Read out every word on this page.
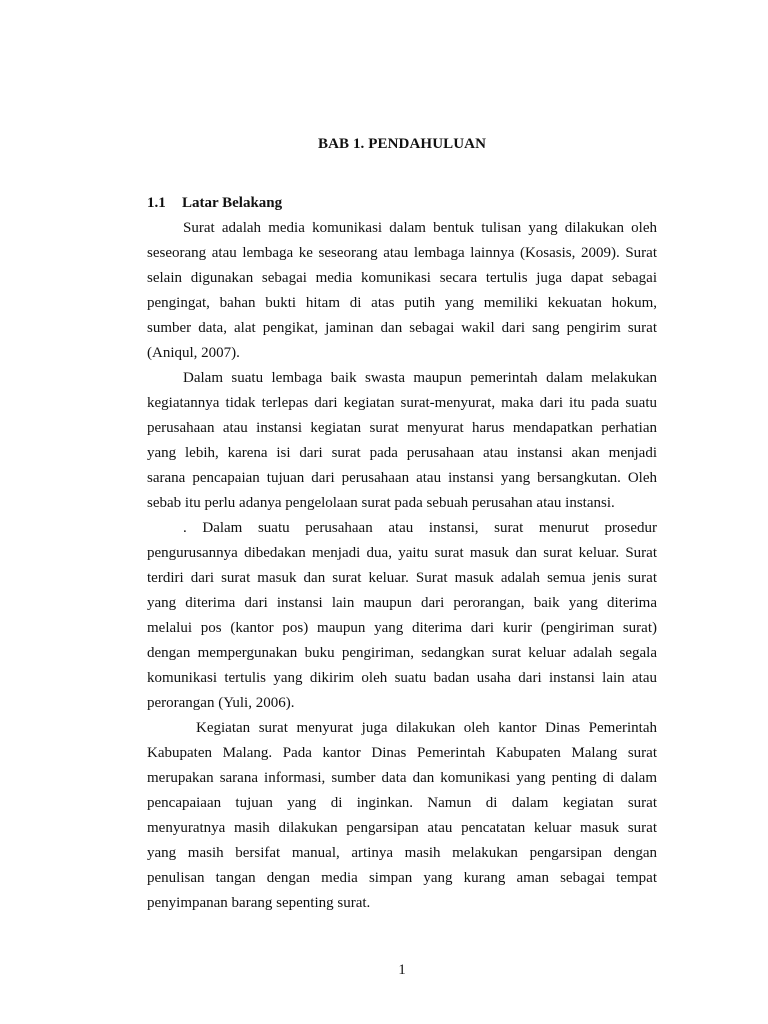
BAB 1. PENDAHULUAN
1.1 Latar Belakang

Surat adalah media komunikasi dalam bentuk tulisan yang dilakukan oleh
seseorang atau lembaga ke seseorang atau lembaga lainnya (Kosasis, 2009). Surat
selain digunakan sebagai media komunikasi secara tertulis juga dapat sebagai
pengingat, bahan bukti hitam di atas putih yang memiliki kekuatan hokum,
sumber data, alat pengikat, jaminan dan sebagai wakil dari sang pengirim surat
(Aniqul, 2007).

Dalam suatu lembaga baik swasta maupun pemerintah dalam melakukan
kegiatannya tidak terlepas dari kegiatan surat-menyurat, maka dari itu pada suatu
perusahaan atau instansi kegiatan surat menyurat harus mendapatkan perhatian
yang lebih, karena isi dari surat pada perusahaan atau instansi akan menjadi
sarana pencapaian tujuan dari perusahaan atau instansi yang bersangkutan. Oleh
sebab itu perlu adanya pengelolaan surat pada sebuah perusahan atau instansi.

. Dalam suatu perusahaan atau instansi, surat menurut prosedur
pengurusannya dibedakan menjadi dua, yaitu surat masuk dan surat keluar. Surat
terdiri dari surat masuk dan surat keluar. Surat masuk adalah semua jenis surat
yang diterima dari instansi lain maupun dari perorangan, baik yang diterima
melalui pos (kantor pos) maupun yang diterima dari kurir (pengiriman surat)
dengan mempergunakan buku pengiriman, sedangkan surat keluar adalah segala
komunikasi tertulis yang dikirim oleh suatu badan usaha dari instansi lain atau
perorangan (Yuli, 2006).

Kegiatan surat menyurat juga dilakukan oleh kantor Dinas Pemerintah
Kabupaten Malang. Pada kantor Dinas Pemerintah Kabupaten Malang surat
merupakan sarana informasi, sumber data dan komunikasi yang penting di dalam
pencapaiaan tujuan yang di inginkan. Namun di dalam kegiatan surat
menyuratnya masih dilakukan pengarsipan atau pencatatan keluar masuk surat
yang masih bersifat manual, artinya masih melakukan pengarsipan dengan
penulisan tangan dengan media simpan yang kurang aman sebagai tempat
penyimpanan barang sepenting surat.

1
